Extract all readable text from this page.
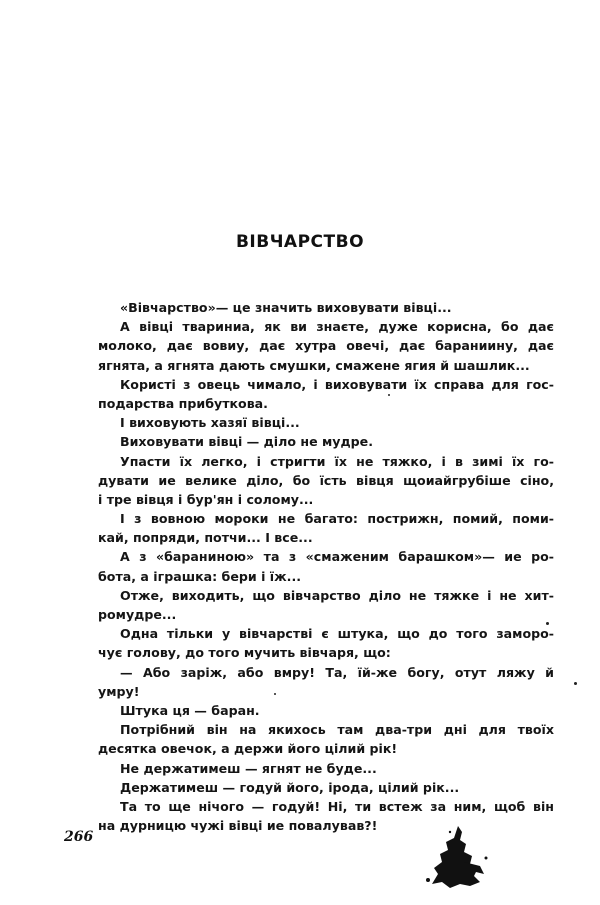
ВІВЧАРСТВО
«Вівчарство»— це значить виховувати вівці...
А вівці твариниа, як ви знаєте, дуже корисна, бо дає
молоко, дає вовиу, дає хутра овечі, дає бараниину, дає
ягнята, а ягнята дають смушки, смажене ягия й шашлик...
Користі з овець чимало, і виховувати їх справа для гос-
подарства прибуткова.
І виховують хазяї вівці...
Виховувати вівці — діло не мудре.
Упасти їх легко, і стригти їх не тяжко, і в зимі їх го-
дувати ие велике діло, бо їсть вівця щоиайгрубіше сіно,
і тре вівця і бур'ян і солому...
І з вовною мороки не багато: пострижн, помий, поми-
кай, попряди, потчи... І все...
А з «бараниною» та з «смаженим барашком»— ие ро-
бота, а іграшка: бери і їж...
Отже, виходить, що вівчарство діло не тяжке і не хит-
ромудре...
Одна тільки у вівчарстві є штука, що до того заморо-
чує голову, до того мучить вівчаря, що:
— Або заріж, або вмру! Та, їй-же богу, отут ляжу й
умру!
Штука ця — баран.
Потрібний він на якихось там два-три дні для твоїх
десятка овечок, а держи його цілий рік!
Не держатимеш — ягнят не буде...
Держатимеш — годуй його, ірода, цілий рік...
Та то ще нічого — годуй! Ні, ти встеж за ним, щоб він
на дурницю чужі вівці ие повалував?!
266
